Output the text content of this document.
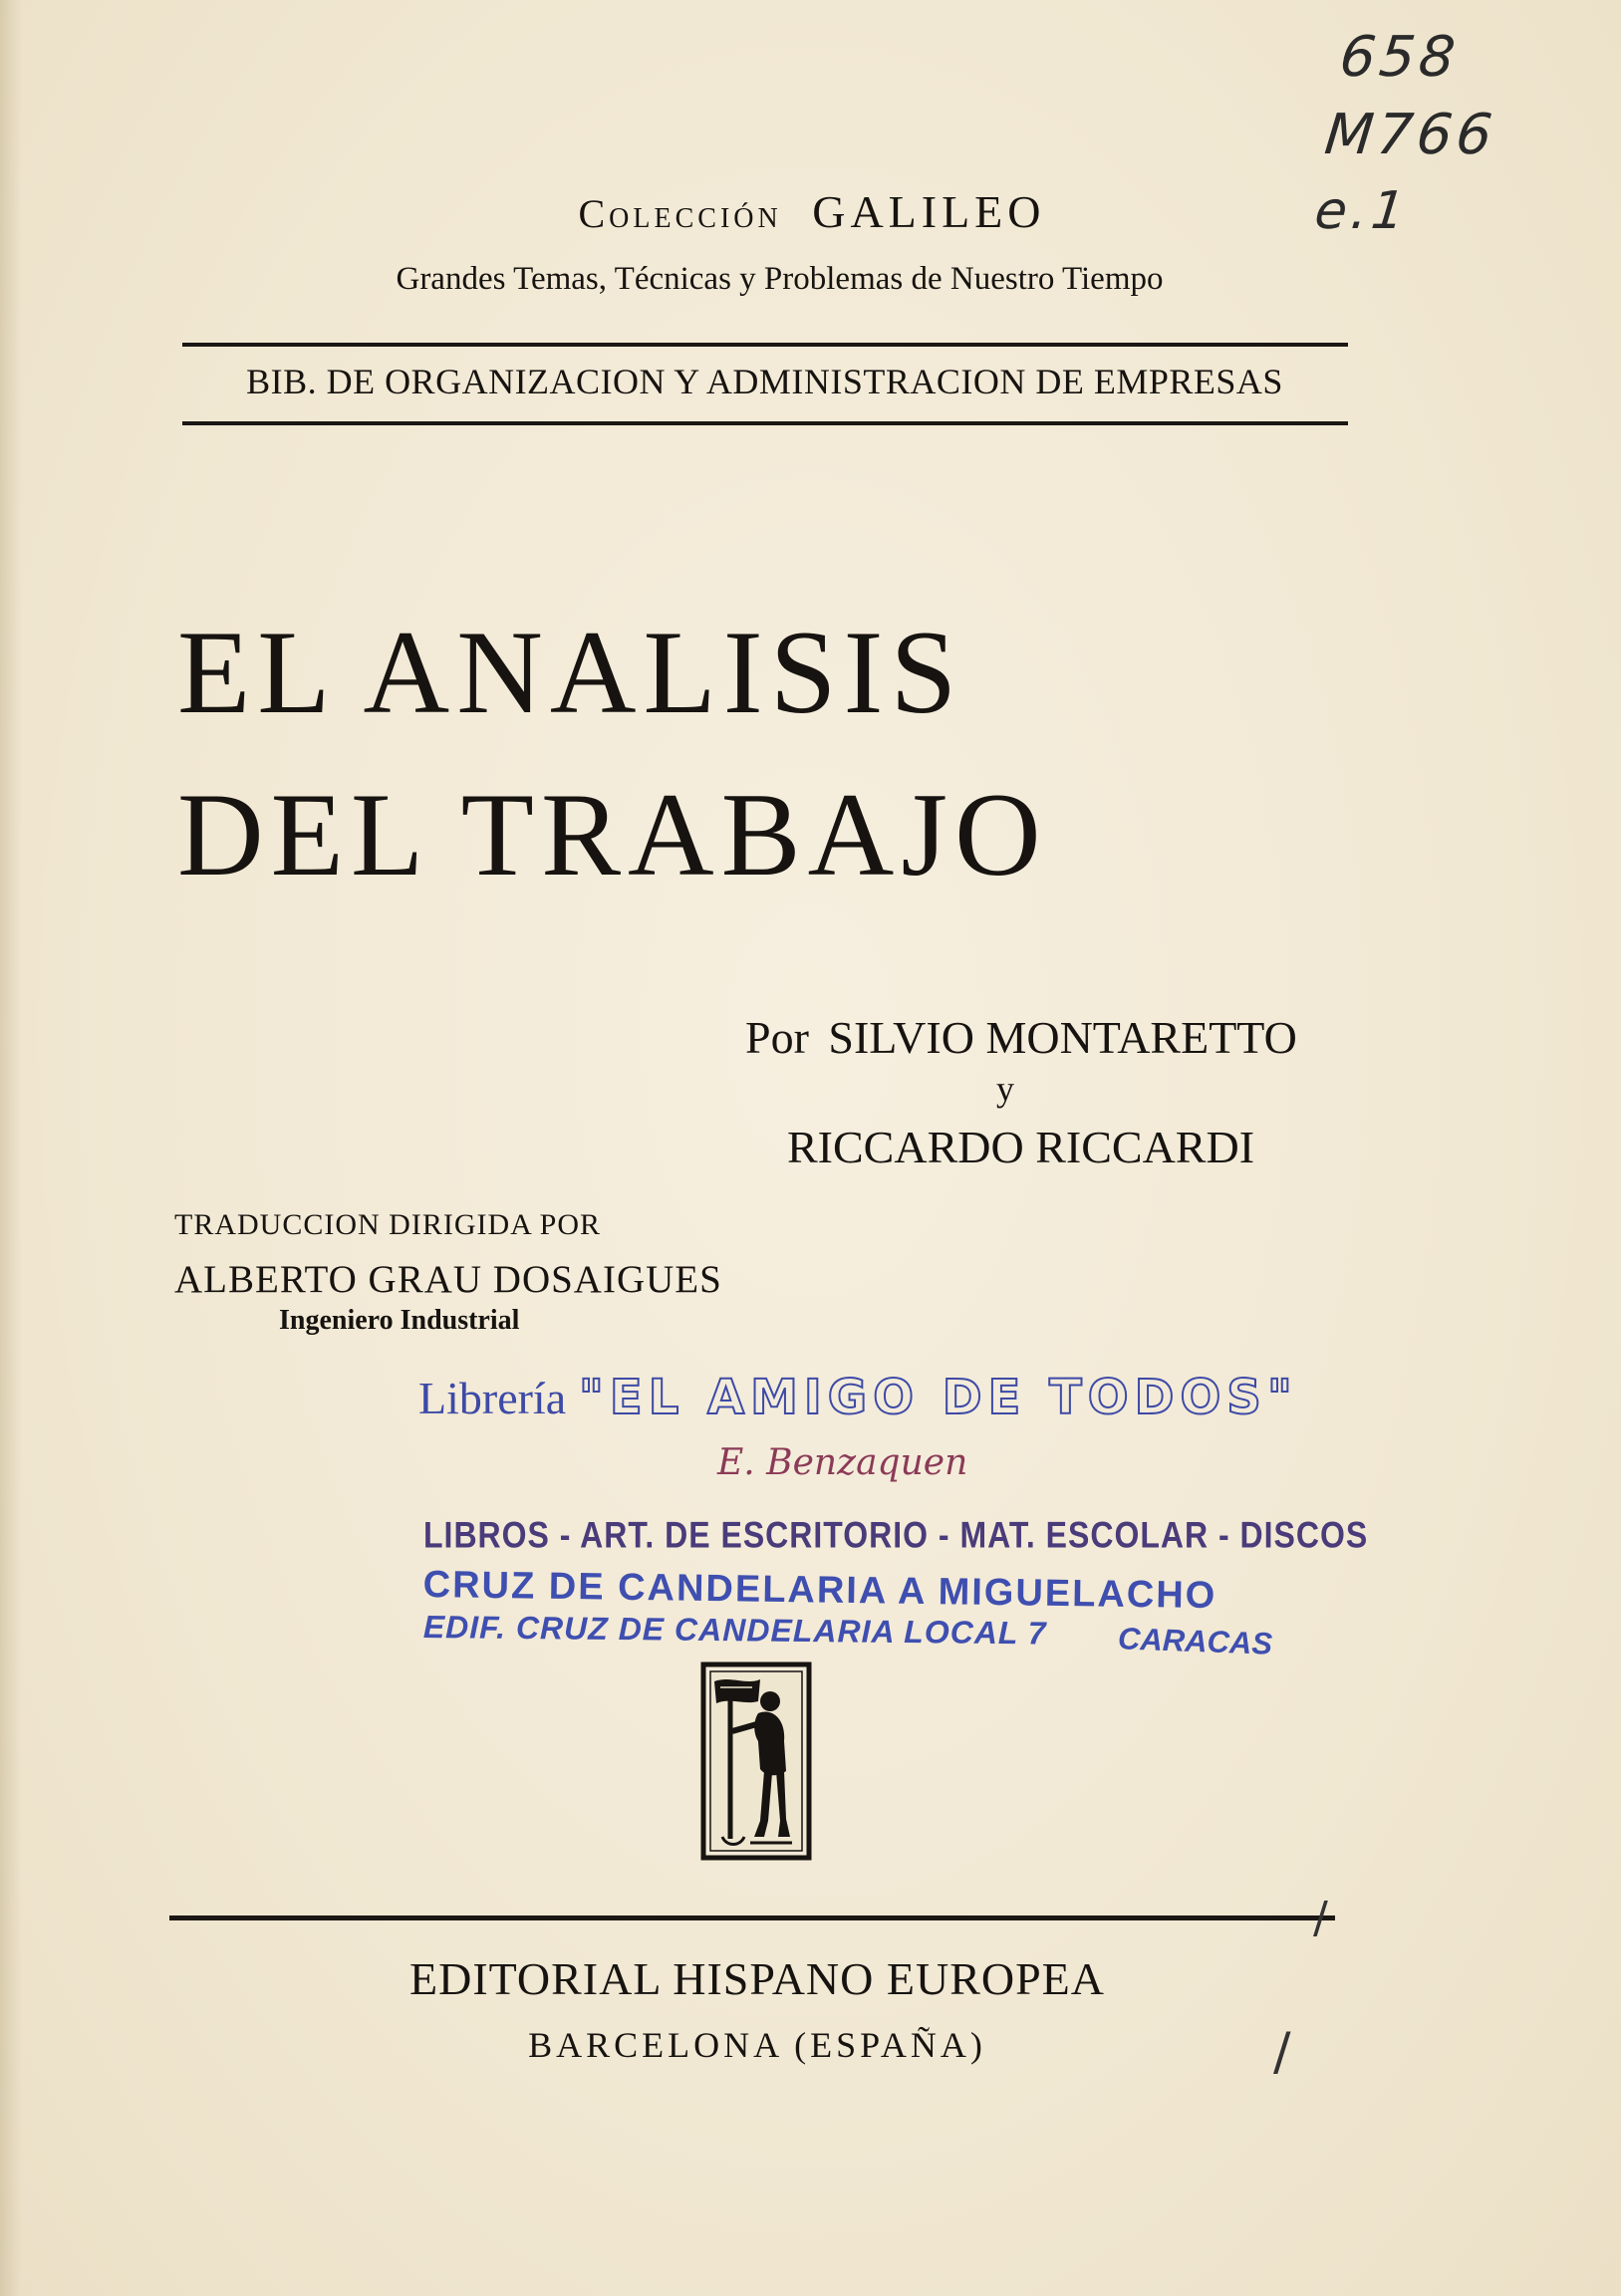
658
M766
e.1
Colección GALILEO
Grandes Temas, Técnicas y Problemas de Nuestro Tiempo
BIB. DE ORGANIZACION Y ADMINISTRACION DE EMPRESAS
EL ANALISIS
DEL TRABAJO
Por SILVIO MONTARETTO
y
RICCARDO RICCARDI
TRADUCCION DIRIGIDA POR
ALBERTO GRAU DOSAIGUES
Ingeniero Industrial
Librería "EL AMIGO DE TODOS"
E. Benzaquen
LIBROS - ART. DE ESCRITORIO - MAT. ESCOLAR - DISCOS
CRUZ DE CANDELARIA A MIGUELACHO
EDIF. CRUZ DE CANDELARIA LOCAL 7 CARACAS
/
EDITORIAL HISPANO EUROPEA
BARCELONA (ESPAÑA)	/
